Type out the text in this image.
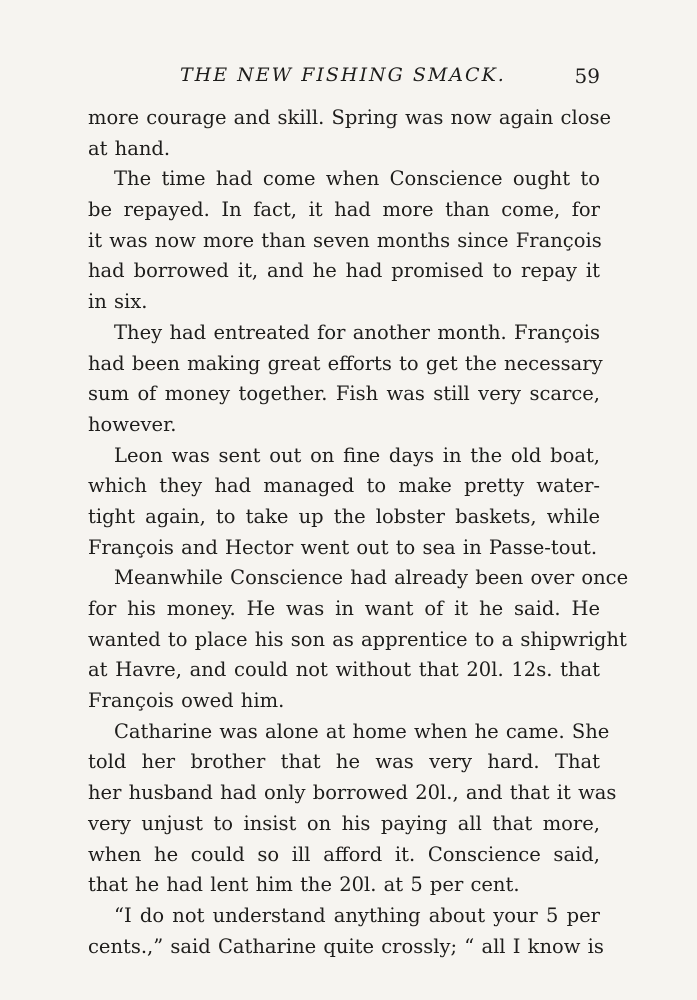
THE NEW FISHING SMACK.	59
more courage and skill. Spring was now again close
at hand.
The time had come when Conscience ought to
be repayed. In fact, it had more than come, for
it was now more than seven months since François
had borrowed it, and he had promised to repay it
in six.
They had entreated for another month. François
had been making great efforts to get the necessary
sum of money together. Fish was still very scarce,
however.
Leon was sent out on fine days in the old boat,
which they had managed to make pretty water-
tight again, to take up the lobster baskets, while
François and Hector went out to sea in Passe-tout.
Meanwhile Conscience had already been over once
for his money. He was in want of it he said. He
wanted to place his son as apprentice to a shipwright
at Havre, and could not without that 20l. 12s. that
François owed him.
Catharine was alone at home when he came. She
told her brother that he was very hard. That
her husband had only borrowed 20l., and that it was
very unjust to insist on his paying all that more,
when he could so ill afford it. Conscience said,
that he had lent him the 20l. at 5 per cent.
“I do not understand anything about your 5 per
cents.,” said Catharine quite crossly; “ all I know is
